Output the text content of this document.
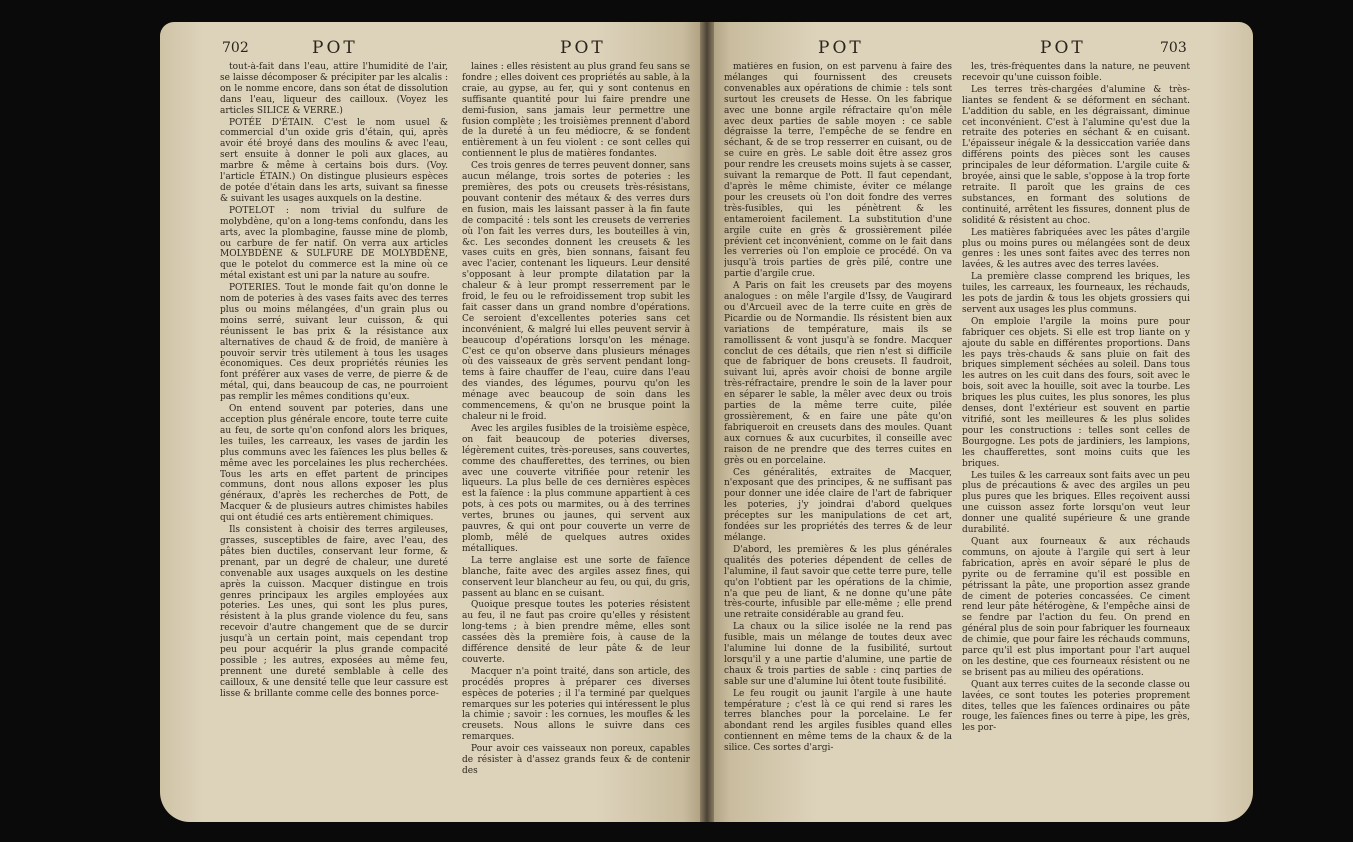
702	POT	POT	POT	POT	703

tout-à-fait dans l'eau, attire l'humidité de l'air, se laisse décomposer & précipiter par les alcalis : on le nomme encore, dans son état de dissolution dans l'eau, liqueur des cailloux. (Voyez les articles SILICE & VERRE.)

POTÉE D'ÉTAIN. C'est le nom usuel & commercial d'un oxide gris d'étain, qui, après avoir été broyé dans des moulins & avec l'eau, sert ensuite à donner le poli aux glaces, au marbre & même à certains bois durs. (Voy. l'article ÉTAIN.) On distingue plusieurs espèces de potée d'étain dans les arts, suivant sa finesse & suivant les usages auxquels on la destine.

POTELOT : nom trivial du sulfure de molybdène, qu'on a long-tems confondu, dans les arts, avec la plombagine, fausse mine de plomb, ou carbure de fer natif. On verra aux articles MOLYBDÈNE & SULFURE DE MOLYBDÈNE, que le potelot du commerce est la mine où ce métal existant est uni par la nature au soufre.

POTERIES. Tout le monde fait qu'on donne le nom de poteries à des vases faits avec des terres plus ou moins mélangées, d'un grain plus ou moins serré, suivant leur cuisson, & qui réunissent le bas prix & la résistance aux alternatives de chaud & de froid, de manière à pouvoir servir très utilement à tous les usages économiques. Ces deux propriétés réunies les font préférer aux vases de verre, de pierre & de métal, qui, dans beaucoup de cas, ne pourroient pas remplir les mêmes conditions qu'eux.

On entend souvent par poteries, dans une acception plus générale encore, toute terre cuite au feu, de sorte qu'on confond alors les briques, les tuiles, les carreaux, les vases de jardin les plus communs avec les faïences les plus belles & même avec les porcelaines les plus recherchées. Tous les arts en effet partent de principes communs, dont nous allons exposer les plus généraux, d'après les recherches de Pott, de Macquer & de plusieurs autres chimistes habiles qui ont étudié ces arts entièrement chimiques.

Ils consistent à choisir des terres argileuses, grasses, susceptibles de faire, avec l'eau, des pâtes bien ductiles, conservant leur forme, & prenant, par un degré de chaleur, une dureté convenable aux usages auxquels on les destine après la cuisson. Macquer distingue en trois genres principaux les argiles employées aux poteries. Les unes, qui sont les plus pures, résistent à la plus grande violence du feu, sans recevoir d'autre changement que de se durcir jusqu'à un certain point, mais cependant trop peu pour acquérir la plus grande compacité possible ; les autres, exposées au même feu, prennent une dureté semblable à celle des cailloux, & une densité telle que leur cassure est lisse & brillante comme celle des bonnes porce-

laines : elles résistent au plus grand feu sans se fondre ; elles doivent ces propriétés au sable, à la craie, au gypse, au fer, qui y sont contenus en suffisante quantité pour lui faire prendre une demi-fusion, sans jamais leur permettre une fusion complète ; les troisièmes prennent d'abord de la dureté à un feu médiocre, & se fondent entièrement à un feu violent : ce sont celles qui contiennent le plus de matières fondantes.

Ces trois genres de terres peuvent donner, sans aucun mélange, trois sortes de poteries : les premières, des pots ou creusets très-résistans, pouvant contenir des métaux & des verres durs en fusion, mais les laissant passer à la fin faute de compacité : tels sont les creusets de verreries où l'on fait les verres durs, les bouteilles à vin, &c. Les secondes donnent les creusets & les vases cuits en grès, bien sonnans, faisant feu avec l'acier, contenant les liqueurs. Leur densité s'opposant à leur prompte dilatation par la chaleur & à leur prompt resserrement par le froid, le feu ou le refroidissement trop subit les fait casser dans un grand nombre d'opérations. Ce seroient d'excellentes poteries sans cet inconvénient, & malgré lui elles peuvent servir à beaucoup d'opérations lorsqu'on les ménage. C'est ce qu'on observe dans plusieurs ménages où des vaisseaux de grès servent pendant long-tems à faire chauffer de l'eau, cuire dans l'eau des viandes, des légumes, pourvu qu'on les ménage avec beaucoup de soin dans les commencemens, & qu'on ne brusque point la chaleur ni le froid.

Avec les argiles fusibles de la troisième espèce, on fait beaucoup de poteries diverses, légèrement cuites, très-poreuses, sans couvertes, comme des chaufferettes, des terrines, ou bien avec une couverte vitrifiée pour retenir les liqueurs. La plus belle de ces dernières espèces est la faïence : la plus commune appartient à ces pots, à ces pots ou marmites, ou à des terrines vertes, brunes ou jaunes, qui servent aux pauvres, & qui ont pour couverte un verre de plomb, mêlé de quelques autres oxides métalliques.

La terre anglaise est une sorte de faïence blanche, faite avec des argiles assez fines, qui conservent leur blancheur au feu, ou qui, du gris, passent au blanc en se cuisant.

Quoique presque toutes les poteries résistent au feu, il ne faut pas croire qu'elles y résistent long-tems ; à bien prendre même, elles sont cassées dès la première fois, à cause de la différence densité de leur pâte & de leur couverte.

Macquer n'a point traité, dans son article, des procédés propres à préparer ces diverses espèces de poteries ; il l'a terminé par quelques remarques sur les poteries qui intéressent le plus la chimie ; savoir : les cornues, les moufles & les creusets. Nous allons le suivre dans ces remarques.

Pour avoir ces vaisseaux non poreux, capables de résister à d'assez grands feux & de contenir des

matières en fusion, on est parvenu à faire des mélanges qui fournissent des creusets convenables aux opérations de chimie : tels sont surtout les creusets de Hesse. On les fabrique avec une bonne argile réfractaire qu'on mêle avec deux parties de sable moyen : ce sable dégraisse la terre, l'empêche de se fendre en séchant, & de se trop resserrer en cuisant, ou de se cuire en grès. Le sable doit être assez gros pour rendre les creusets moins sujets à se casser, suivant la remarque de Pott. Il faut cependant, d'après le même chimiste, éviter ce mélange pour les creusets où l'on doit fondre des verres très-fusibles, qui les pénètrent & les entameroient facilement. La substitution d'une argile cuite en grès & grossièrement pilée prévient cet inconvénient, comme on le fait dans les verreries où l'on emploie ce procédé. On va jusqu'à trois parties de grès pilé, contre une partie d'argile crue.

A Paris on fait les creusets par des moyens analogues : on mêle l'argile d'Issy, de Vaugirard ou d'Arcueil avec de la terre cuite en grès de Picardie ou de Normandie. Ils résistent bien aux variations de température, mais ils se ramollissent & vont jusqu'à se fondre. Macquer conclut de ces détails, que rien n'est si difficile que de fabriquer de bons creusets. Il faudroit, suivant lui, après avoir choisi de bonne argile très-réfractaire, prendre le soin de la laver pour en séparer le sable, la mêler avec deux ou trois parties de la même terre cuite, pilée grossièrement, & en faire une pâte qu'on fabriqueroit en creusets dans des moules. Quant aux cornues & aux cucurbites, il conseille avec raison de ne prendre que des terres cuites en grès ou en porcelaine.

Ces généralités, extraites de Macquer, n'exposant que des principes, & ne suffisant pas pour donner une idée claire de l'art de fabriquer les poteries, j'y joindrai d'abord quelques préceptes sur les manipulations de cet art, fondées sur les propriétés des terres & de leur mélange.

D'abord, les premières & les plus générales qualités des poteries dépendent de celles de l'alumine, il faut savoir que cette terre pure, telle qu'on l'obtient par les opérations de la chimie, n'a que peu de liant, & ne donne qu'une pâte très-courte, infusible par elle-même ; elle prend une retraite considérable au grand feu.

La chaux ou la silice isolée ne la rend pas fusible, mais un mélange de toutes deux avec l'alumine lui donne de la fusibilité, surtout lorsqu'il y a une partie d'alumine, une partie de chaux & trois parties de sable : cinq parties de sable sur une d'alumine lui ôtent toute fusibilité.

Le feu rougit ou jaunit l'argile à une haute température ; c'est là ce qui rend si rares les terres blanches pour la porcelaine. Le fer abondant rend les argiles fusibles quand elles contiennent en même tems de la chaux & de la silice. Ces sortes d'argi-

les, très-fréquentes dans la nature, ne peuvent recevoir qu'une cuisson foible.

Les terres très-chargées d'alumine & très-liantes se fendent & se déforment en séchant. L'addition du sable, en les dégraissant, diminue cet inconvénient. C'est à l'alumine qu'est due la retraite des poteries en séchant & en cuisant. L'épaisseur inégale & la dessiccation variée dans différens points des pièces sont les causes principales de leur déformation. L'argile cuite & broyée, ainsi que le sable, s'oppose à la trop forte retraite. Il paroît que les grains de ces substances, en formant des solutions de continuité, arrêtent les fissures, donnent plus de solidité & résistent au choc.

Les matières fabriquées avec les pâtes d'argile plus ou moins pures ou mélangées sont de deux genres : les unes sont faites avec des terres non lavées, & les autres avec des terres lavées.

La première classe comprend les briques, les tuiles, les carreaux, les fourneaux, les réchauds, les pots de jardin & tous les objets grossiers qui servent aux usages les plus communs.

On emploie l'argile la moins pure pour fabriquer ces objets. Si elle est trop liante on y ajoute du sable en différentes proportions. Dans les pays très-chauds & sans pluie on fait des briques simplement séchées au soleil. Dans tous les autres on les cuit dans des fours, soit avec le bois, soit avec la houille, soit avec la tourbe. Les briques les plus cuites, les plus sonores, les plus denses, dont l'extérieur est souvent en partie vitrifié, sont les meilleures & les plus solides pour les constructions : telles sont celles de Bourgogne. Les pots de jardiniers, les lampions, les chaufferettes, sont moins cuits que les briques.

Les tuiles & les carreaux sont faits avec un peu plus de précautions & avec des argiles un peu plus pures que les briques. Elles reçoivent aussi une cuisson assez forte lorsqu'on veut leur donner une qualité supérieure & une grande durabilité.

Quant aux fourneaux & aux réchauds communs, on ajoute à l'argile qui sert à leur fabrication, après en avoir séparé le plus de pyrite ou de ferramine qu'il est possible en pétrissant la pâte, une proportion assez grande de ciment de poteries concassées. Ce ciment rend leur pâte hétérogène, & l'empêche ainsi de se fendre par l'action du feu. On prend en général plus de soin pour fabriquer les fourneaux de chimie, que pour faire les réchauds communs, parce qu'il est plus important pour l'art auquel on les destine, que ces fourneaux résistent ou ne se brisent pas au milieu des opérations.

Quant aux terres cuites de la seconde classe ou lavées, ce sont toutes les poteries proprement dites, telles que les faïences ordinaires ou pâte rouge, les faïences fines ou terre à pipe, les grès, les por-
